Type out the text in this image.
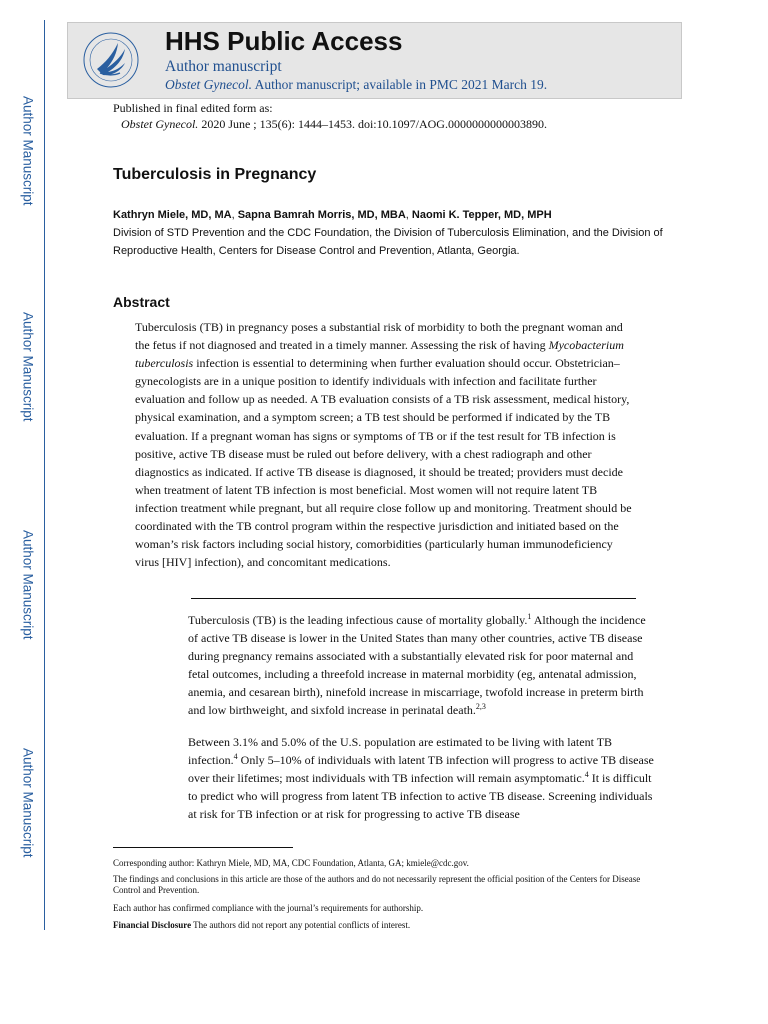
Author Manuscript
Author Manuscript
Author Manuscript
Author Manuscript
HHS Public Access
Author manuscript
Obstet Gynecol. Author manuscript; available in PMC 2021 March 19.
Published in final edited form as:
Obstet Gynecol. 2020 June ; 135(6): 1444–1453. doi:10.1097/AOG.0000000000003890.
Tuberculosis in Pregnancy
Kathryn Miele, MD, MA, Sapna Bamrah Morris, MD, MBA, Naomi K. Tepper, MD, MPH
Division of STD Prevention and the CDC Foundation, the Division of Tuberculosis Elimination, and the Division of Reproductive Health, Centers for Disease Control and Prevention, Atlanta, Georgia.
Abstract

Tuberculosis (TB) in pregnancy poses a substantial risk of morbidity to both the pregnant woman and the fetus if not diagnosed and treated in a timely manner. Assessing the risk of having Mycobacterium tuberculosis infection is essential to determining when further evaluation should occur. Obstetrician–gynecologists are in a unique position to identify individuals with infection and facilitate further evaluation and follow up as needed. A TB evaluation consists of a TB risk assessment, medical history, physical examination, and a symptom screen; a TB test should be performed if indicated by the TB evaluation. If a pregnant woman has signs or symptoms of TB or if the test result for TB infection is positive, active TB disease must be ruled out before delivery, with a chest radiograph and other diagnostics as indicated. If active TB disease is diagnosed, it should be treated; providers must decide when treatment of latent TB infection is most beneficial. Most women will not require latent TB infection treatment while pregnant, but all require close follow up and monitoring. Treatment should be coordinated with the TB control program within the respective jurisdiction and initiated based on the woman’s risk factors including social history, comorbidities (particularly human immunodeficiency virus [HIV] infection), and concomitant medications.

Tuberculosis (TB) is the leading infectious cause of mortality globally.$^1$ Although the incidence of active TB disease is lower in the United States than many other countries, active TB disease during pregnancy remains associated with a substantially elevated risk for poor maternal and fetal outcomes, including a threefold increase in maternal morbidity (eg, antenatal admission, anemia, and cesarean birth), ninefold increase in miscarriage, twofold increase in preterm birth and low birthweight, and sixfold increase in perinatal death.$^{2,3}$

Between 3.1% and 5.0% of the U.S. population are estimated to be living with latent TB infection.$^4$ Only 5–10% of individuals with latent TB infection will progress to active TB disease over their lifetimes; most individuals with TB infection will remain asymptomatic.$^4$ It is difficult to predict who will progress from latent TB infection to active TB disease. Screening individuals at risk for TB infection or at risk for progressing to active TB disease

Corresponding author: Kathryn Miele, MD, MA, CDC Foundation, Atlanta, GA; kmiele@cdc.gov.

The findings and conclusions in this article are those of the authors and do not necessarily represent the official position of the Centers for Disease Control and Prevention.

Each author has confirmed compliance with the journal’s requirements for authorship.

Financial Disclosure The authors did not report any potential conflicts of interest.
